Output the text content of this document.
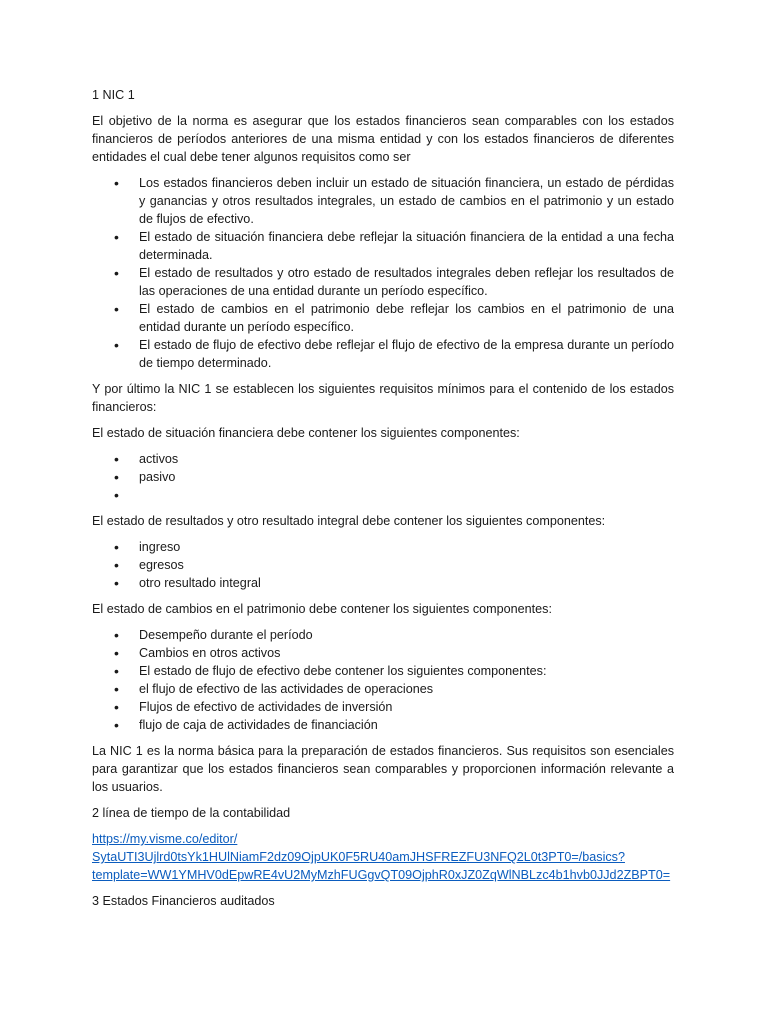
1 NIC 1

El objetivo de la norma es asegurar que los estados financieros sean comparables con los estados financieros de períodos anteriores de una misma entidad y con los estados financieros de diferentes entidades el cual debe tener algunos requisitos como ser

• Los estados financieros deben incluir un estado de situación financiera, un estado de pérdidas y ganancias y otros resultados integrales, un estado de cambios en el patrimonio y un estado de flujos de efectivo.
• El estado de situación financiera debe reflejar la situación financiera de la entidad a una fecha determinada.
• El estado de resultados y otro estado de resultados integrales deben reflejar los resultados de las operaciones de una entidad durante un período específico.
• El estado de cambios en el patrimonio debe reflejar los cambios en el patrimonio de una entidad durante un período específico.
• El estado de flujo de efectivo debe reflejar el flujo de efectivo de la empresa durante un período de tiempo determinado.

Y por último la NIC 1 se establecen los siguientes requisitos mínimos para el contenido de los estados financieros:

El estado de situación financiera debe contener los siguientes componentes:

• activos
• pasivo
•

El estado de resultados y otro resultado integral debe contener los siguientes componentes:

• ingreso
• egresos
• otro resultado integral

El estado de cambios en el patrimonio debe contener los siguientes componentes:

• Desempeño durante el período
• Cambios en otros activos
• El estado de flujo de efectivo debe contener los siguientes componentes:
• el flujo de efectivo de las actividades de operaciones
• Flujos de efectivo de actividades de inversión
• flujo de caja de actividades de financiación

La NIC 1 es la norma básica para la preparación de estados financieros. Sus requisitos son esenciales para garantizar que los estados financieros sean comparables y proporcionen información relevante a los usuarios.

2 línea de tiempo de la contabilidad

https://my.visme.co/editor/
SytaUTI3Ujlrd0tsYk1HUlNiamF2dz09OjpUK0F5RU40amJHSFREZFU3NFQ2L0t3PT0=/basics?
template=WW1YMHV0dEpwRE4vU2MyMzhFUGgvQT09OjphR0xJZ0ZqWlNBLzc4b1hvb0JJd2ZBPT0=

3 Estados Financieros auditados
